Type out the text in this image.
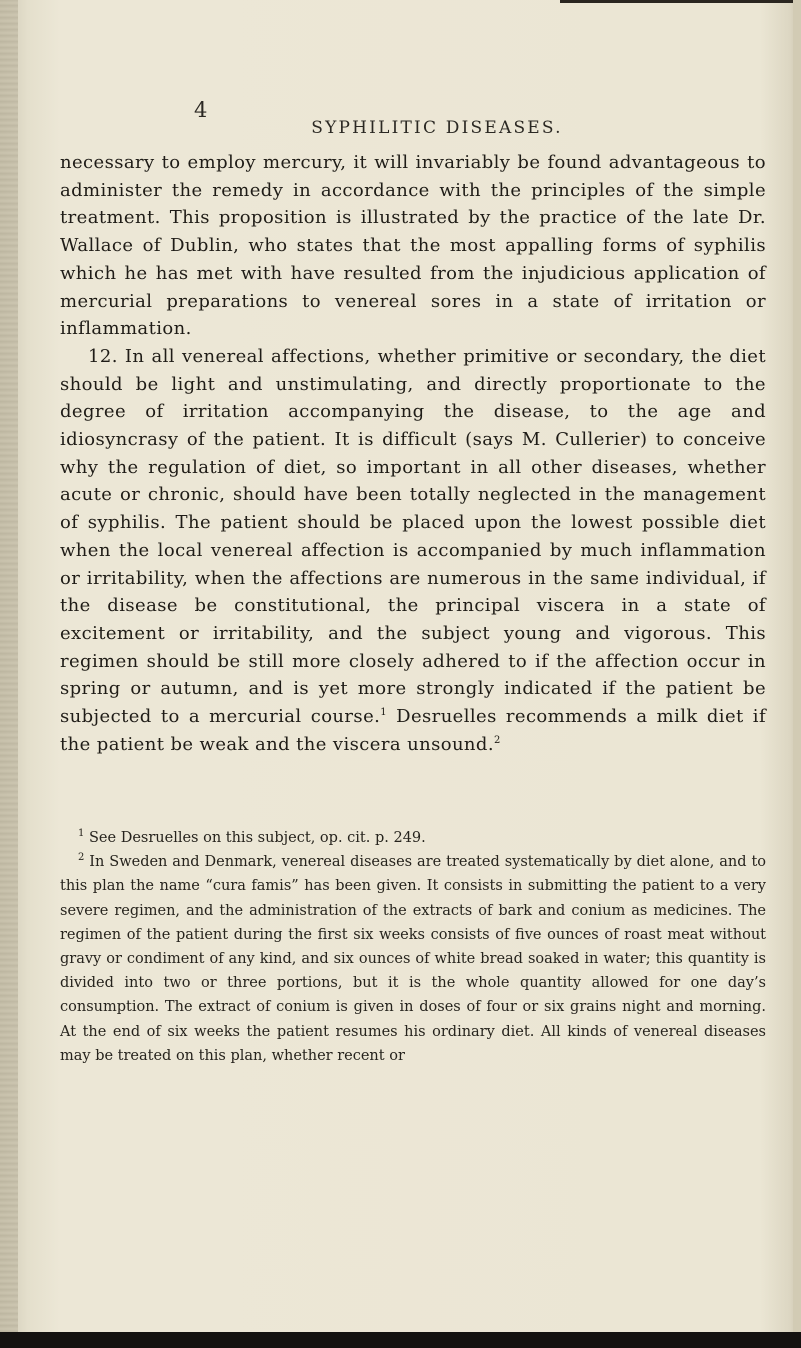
4
SYPHILITIC DISEASES.

necessary to employ mercury, it will invariably be found advantageous to administer the remedy in accordance with the principles of the simple treatment. This proposition is illustrated by the practice of the late Dr. Wallace of Dublin, who states that the most appalling forms of syphilis which he has met with have resulted from the injudicious application of mercurial preparations to venereal sores in a state of irritation or inflammation.

12. In all venereal affections, whether primitive or secondary, the diet should be light and unstimulating, and directly proportionate to the degree of irritation accompanying the disease, to the age and idiosyncrasy of the patient. It is difficult (says M. Cullerier) to conceive why the regulation of diet, so important in all other diseases, whether acute or chronic, should have been totally neglected in the management of syphilis. The patient should be placed upon the lowest possible diet when the local venereal affection is accompanied by much inflammation or irritability, when the affections are numerous in the same individual, if the disease be constitutional, the principal viscera in a state of excitement or irritability, and the subject young and vigorous. This regimen should be still more closely adhered to if the affection occur in spring or autumn, and is yet more strongly indicated if the patient be subjected to a mercurial course.$^1$ Desruelles recommends a milk diet if the patient be weak and the viscera unsound.$^2$

$^1$ See Desruelles on this subject, op. cit. p. 249.

$^2$ In Sweden and Denmark, venereal diseases are treated systematically by diet alone, and to this plan the name “cura famis” has been given. It consists in submitting the patient to a very severe regimen, and the administration of the extracts of bark and conium as medicines. The regimen of the patient during the first six weeks consists of five ounces of roast meat without gravy or condiment of any kind, and six ounces of white bread soaked in water; this quantity is divided into two or three portions, but it is the whole quantity allowed for one day’s consumption. The extract of conium is given in doses of four or six grains night and morning. At the end of six weeks the patient resumes his ordinary diet. All kinds of venereal diseases may be treated on this plan, whether recent or
